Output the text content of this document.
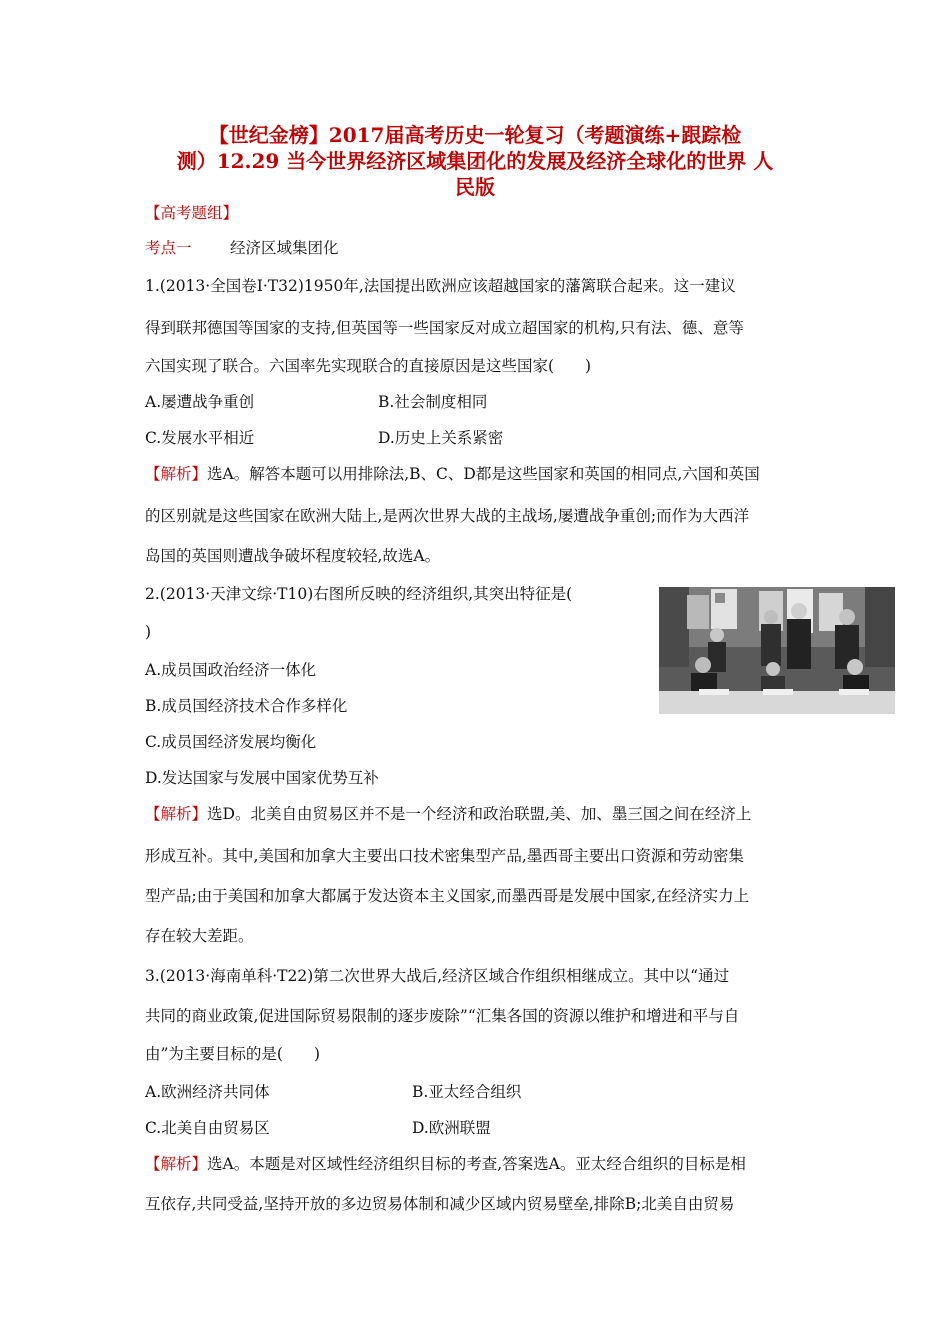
【世纪金榜】2017届高考历史一轮复习（考题演练+跟踪检
测）12.29 当今世界经济区域集团化的发展及经济全球化的世界 人
民版
【高考题组】
考点一 经济区域集团化
1.(2013·全国卷Ⅰ·T32)1950年,法国提出欧洲应该超越国家的藩篱联合起来。这一建议
得到联邦德国等国家的支持,但英国等一些国家反对成立超国家的机构,只有法、德、意等
六国实现了联合。六国率先实现联合的直接原因是这些国家(　　)
A.屡遭战争重创	B.社会制度相同
C.发展水平相近	D.历史上关系紧密
【解析】选A。解答本题可以用排除法,B、C、D都是这些国家和英国的相同点,六国和英国
的区别就是这些国家在欧洲大陆上,是两次世界大战的主战场,屡遭战争重创;而作为大西洋
岛国的英国则遭战争破坏程度较轻,故选A。
2.(2013·天津文综·T10)右图所反映的经济组织,其突出特征是(
)
A.成员国政治经济一体化
B.成员国经济技术合作多样化
C.成员国经济发展均衡化
D.发达国家与发展中国家优势互补
【解析】选D。北美自由贸易区并不是一个经济和政治联盟,美、加、墨三国之间在经济上
形成互补。其中,美国和加拿大主要出口技术密集型产品,墨西哥主要出口资源和劳动密集
型产品;由于美国和加拿大都属于发达资本主义国家,而墨西哥是发展中国家,在经济实力上
存在较大差距。
3.(2013·海南单科·T22)第二次世界大战后,经济区域合作组织相继成立。其中以“通过
共同的商业政策,促进国际贸易限制的逐步废除”“汇集各国的资源以维护和增进和平与自
由”为主要目标的是(　　)
A.欧洲经济共同体	B.亚太经合组织
C.北美自由贸易区	D.欧洲联盟
【解析】选A。本题是对区域性经济组织目标的考查,答案选A。亚太经合组织的目标是相
互依存,共同受益,坚持开放的多边贸易体制和减少区域内贸易壁垒,排除B;北美自由贸易
